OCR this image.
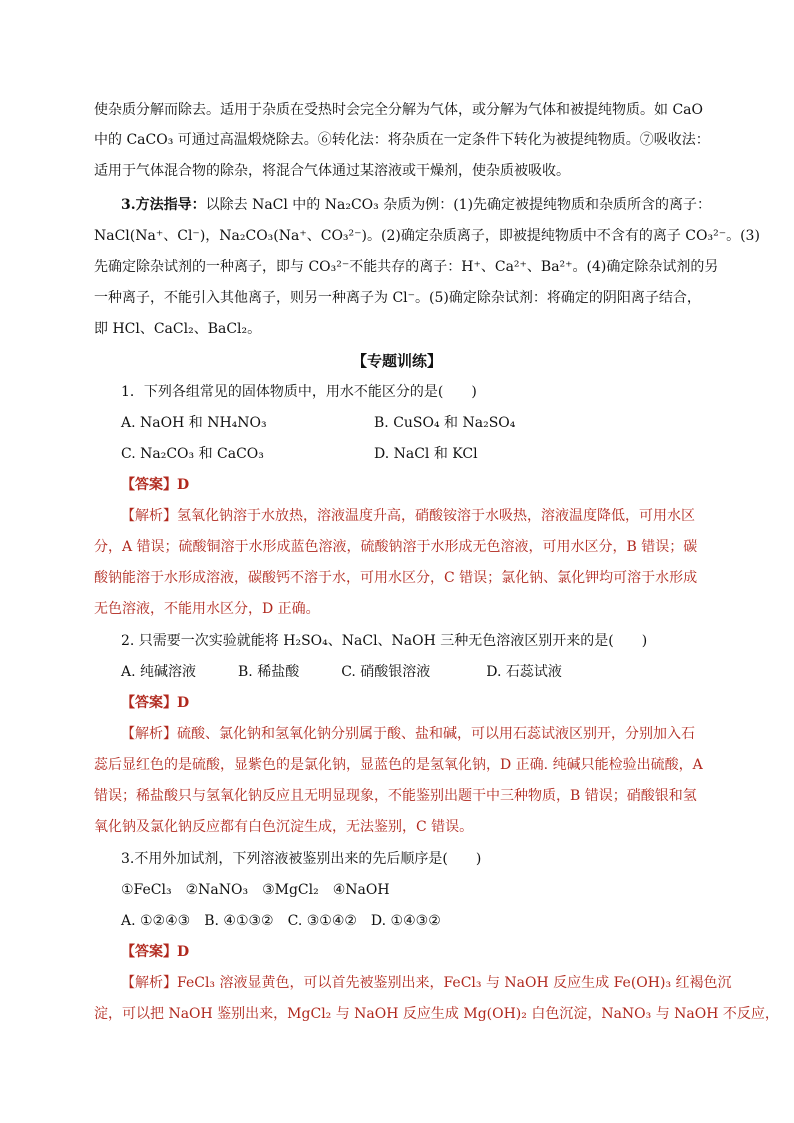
使杂质分解而除去。适用于杂质在受热时会完全分解为气体，或分解为气体和被提纯物质。如 CaO
中的 CaCO₃ 可通过高温煅烧除去。⑥转化法：将杂质在一定条件下转化为被提纯物质。⑦吸收法：
适用于气体混合物的除杂，将混合气体通过某溶液或干燥剂，使杂质被吸收。
3.方法指导：以除去 NaCl 中的 Na₂CO₃ 杂质为例：(1)先确定被提纯物质和杂质所含的离子：
NaCl(Na⁺、Cl⁻)，Na₂CO₃(Na⁺、CO₃²⁻)。(2)确定杂质离子，即被提纯物质中不含有的离子 CO₃²⁻。(3)
先确定除杂试剂的一种离子，即与 CO₃²⁻不能共存的离子：H⁺、Ca²⁺、Ba²⁺。(4)确定除杂试剂的另
一种离子，不能引入其他离子，则另一种离子为 Cl⁻。(5)确定除杂试剂：将确定的阴阳离子结合，
即 HCl、CaCl₂、BaCl₂。
【专题训练】
1．下列各组常见的固体物质中，用水不能区分的是(　　)
A. NaOH 和 NH₄NO₃	B. CuSO₄ 和 Na₂SO₄
C. Na₂CO₃ 和 CaCO₃	D. NaCl 和 KCl
【答案】D
【解析】氢氧化钠溶于水放热，溶液温度升高，硝酸铵溶于水吸热，溶液温度降低，可用水区
分，A 错误；硫酸铜溶于水形成蓝色溶液，硫酸钠溶于水形成无色溶液，可用水区分，B 错误；碳
酸钠能溶于水形成溶液，碳酸钙不溶于水，可用水区分，C 错误；氯化钠、氯化钾均可溶于水形成
无色溶液，不能用水区分，D 正确。
2. 只需要一次实验就能将 H₂SO₄、NaCl、NaOH 三种无色溶液区别开来的是(　　)
A. 纯碱溶液　　　B. 稀盐酸　　　C. 硝酸银溶液　　　　D. 石蕊试液
【答案】D
【解析】硫酸、氯化钠和氢氧化钠分别属于酸、盐和碱，可以用石蕊试液区别开，分别加入石
蕊后显红色的是硫酸，显紫色的是氯化钠，显蓝色的是氢氧化钠，D 正确. 纯碱只能检验出硫酸，A
错误；稀盐酸只与氢氧化钠反应且无明显现象，不能鉴别出题干中三种物质，B 错误；硝酸银和氢
氧化钠及氯化钠反应都有白色沉淀生成，无法鉴别，C 错误。
3.不用外加试剂，下列溶液被鉴别出来的先后顺序是(　　)
①FeCl₃　②NaNO₃　③MgCl₂　④NaOH
A. ①②④③　B. ④①③②　C. ③①④②　D. ①④③②
【答案】D
【解析】FeCl₃ 溶液显黄色，可以首先被鉴别出来，FeCl₃ 与 NaOH 反应生成 Fe(OH)₃ 红褐色沉
淀，可以把 NaOH 鉴别出来，MgCl₂ 与 NaOH 反应生成 Mg(OH)₂ 白色沉淀，NaNO₃ 与 NaOH 不反应，
